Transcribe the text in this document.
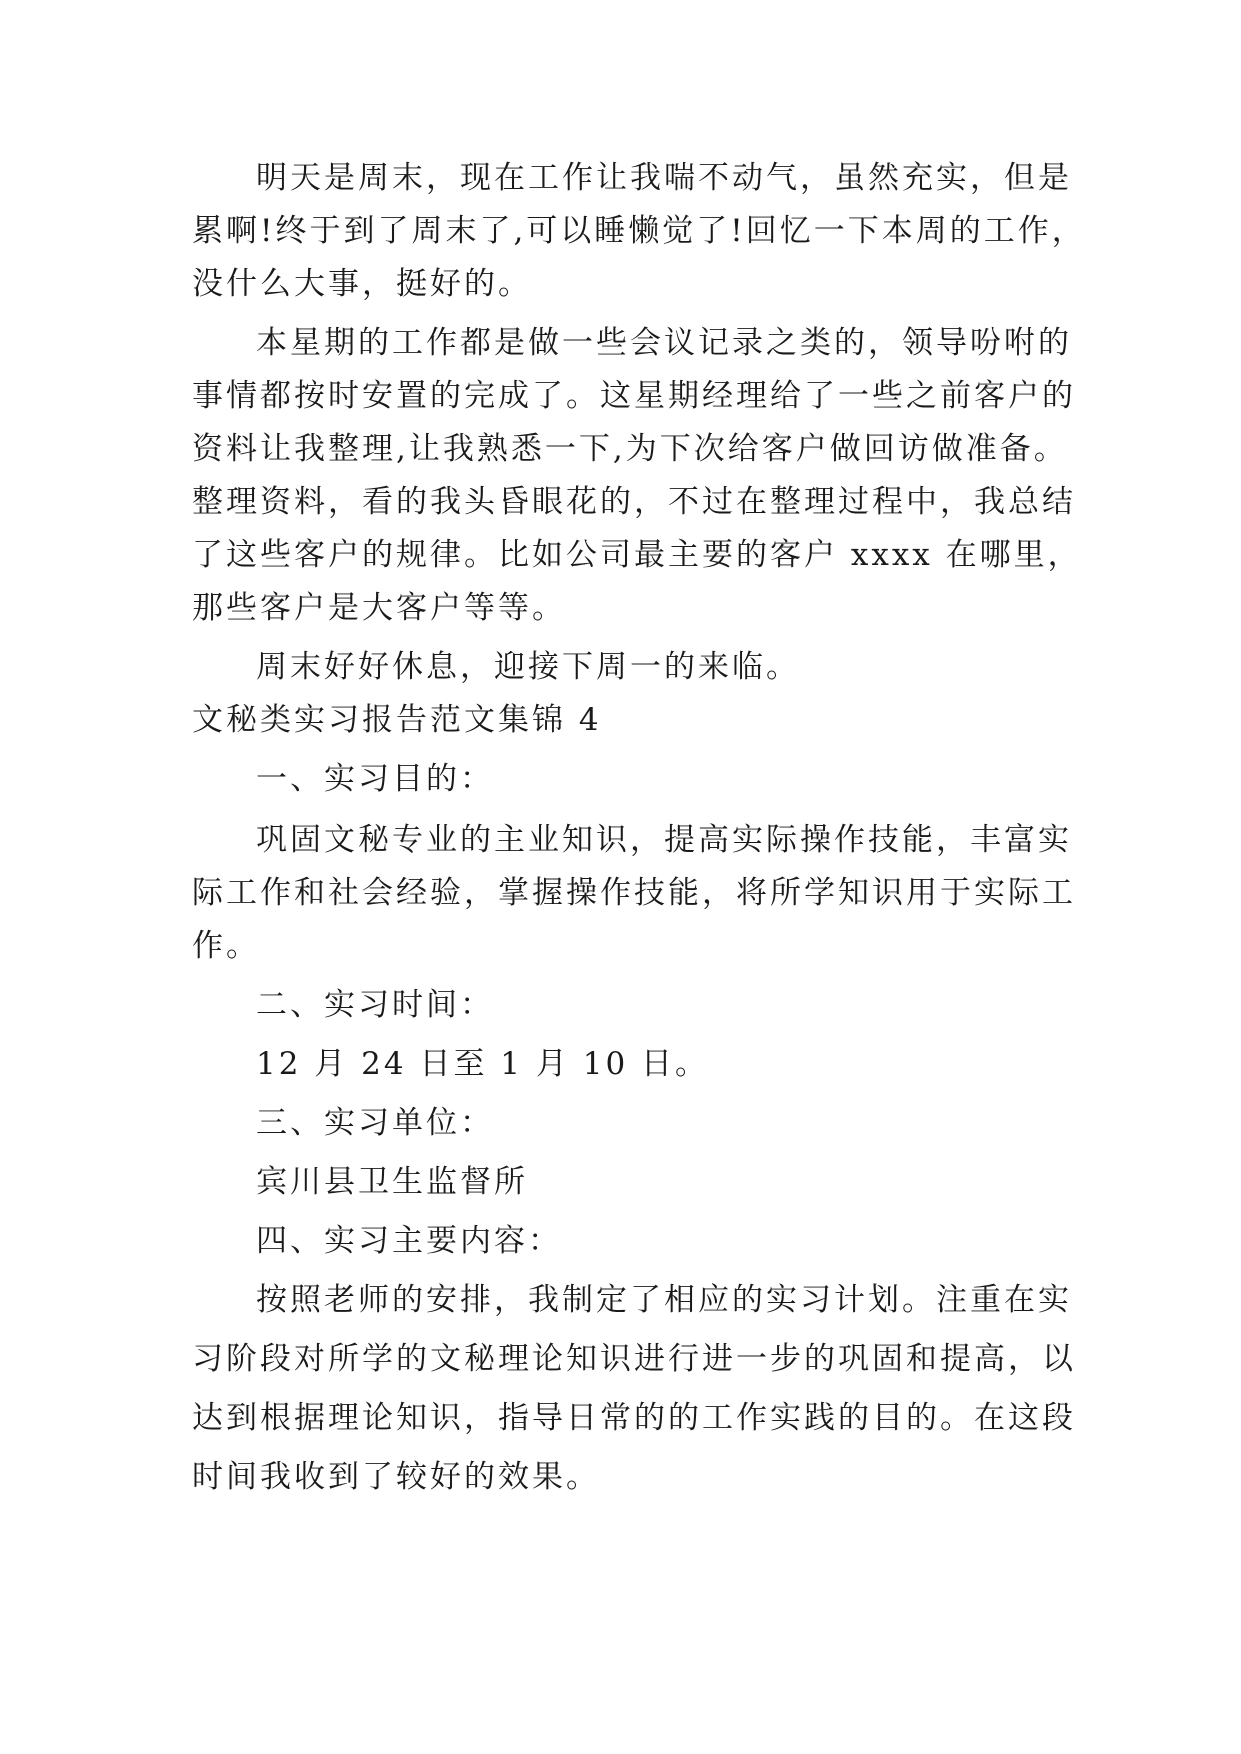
明天是周末，现在工作让我喘不动气，虽然充实，但是
累啊!终于到了周末了,可以睡懒觉了!回忆一下本周的工作，
没什么大事，挺好的。
本星期的工作都是做一些会议记录之类的，领导吩咐的
事情都按时安置的完成了。这星期经理给了一些之前客户的
资料让我整理,让我熟悉一下,为下次给客户做回访做准备。
整理资料，看的我头昏眼花的，不过在整理过程中，我总结
了这些客户的规律。比如公司最主要的客户 xxxx 在哪里，
那些客户是大客户等等。
周末好好休息，迎接下周一的来临。
文秘类实习报告范文集锦 4
一、实习目的：
巩固文秘专业的主业知识，提高实际操作技能，丰富实
际工作和社会经验，掌握操作技能，将所学知识用于实际工
作。
二、实习时间：
12 月 24 日至 1 月 10 日。
三、实习单位：
宾川县卫生监督所
四、实习主要内容：
按照老师的安排，我制定了相应的实习计划。注重在实
习阶段对所学的文秘理论知识进行进一步的巩固和提高，以
达到根据理论知识，指导日常的的工作实践的目的。在这段
时间我收到了较好的效果。
